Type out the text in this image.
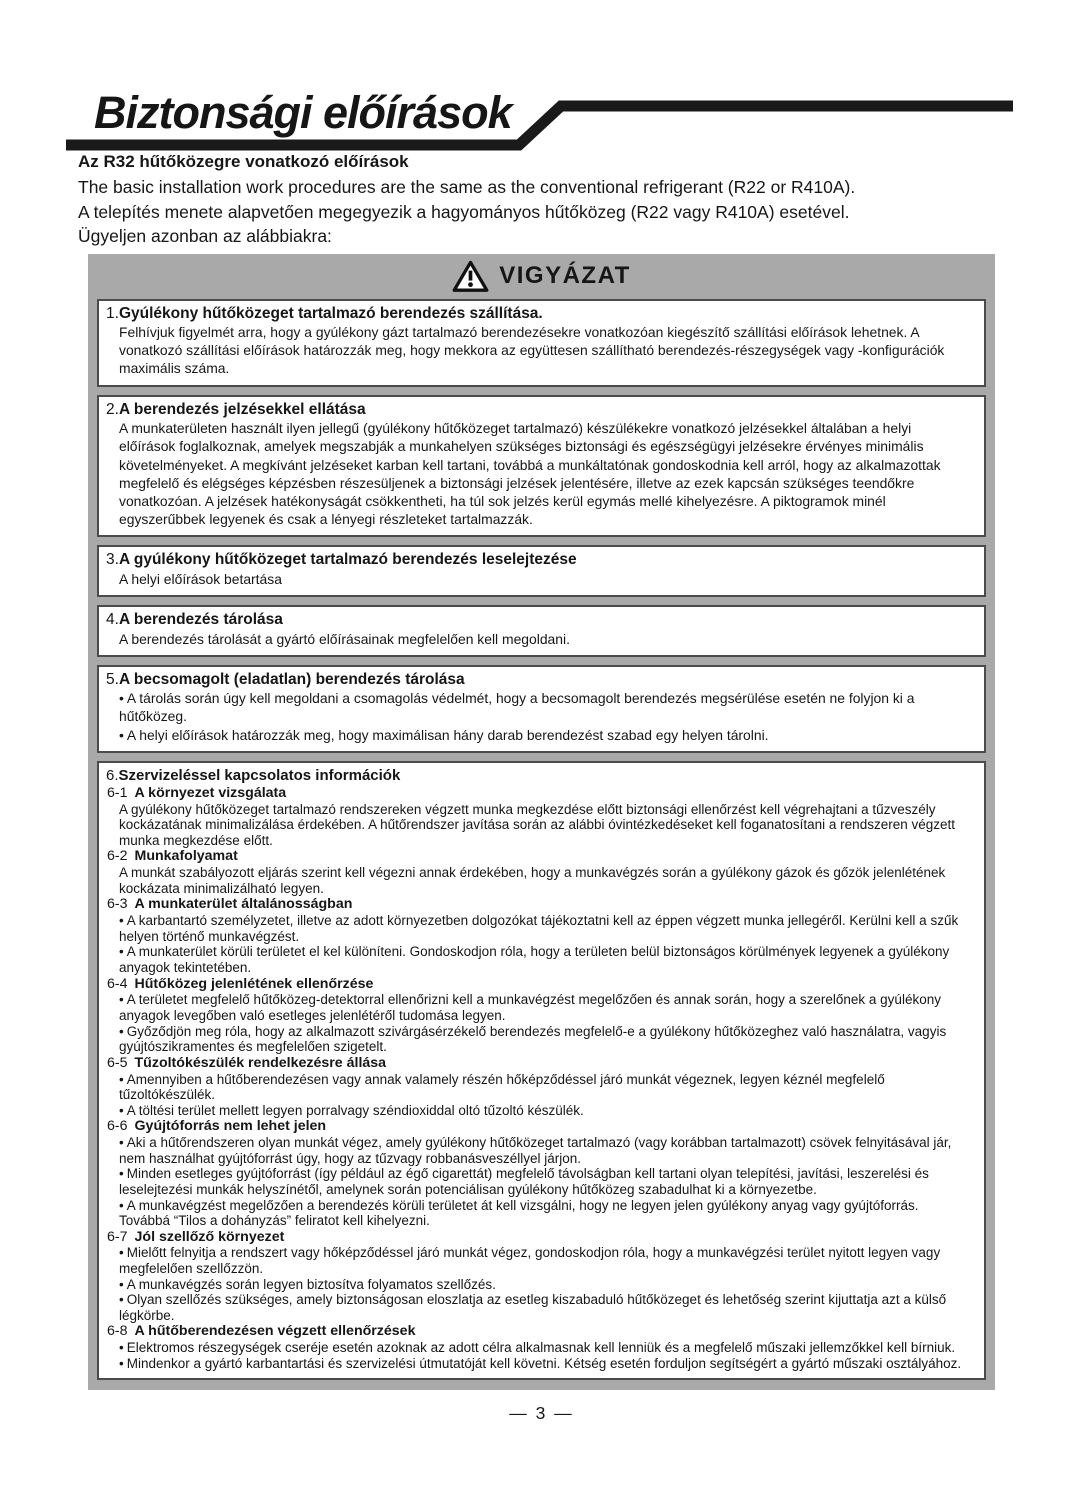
Biztonsági előírások
Az R32 hűtőközegre vonatkozó előírások

The basic installation work procedures are the same as the conventional refrigerant (R22 or R410A).

A telepítés menete alapvetően megegyezik a hagyományos hűtőközeg (R22 vagy R410A) esetével.

Ügyeljen azonban az alábbiakra:

VIGYÁZAT
1.Gyúlékony hűtőközeget tartalmazó berendezés szállítása.
Felhívjuk figyelmét arra, hogy a gyúlékony gázt tartalmazó berendezésekre vonatkozóan kiegészítő szállítási előírások lehetnek. A vonatkozó szállítási előírások határozzák meg, hogy mekkora az együttesen szállítható berendezés-részegységek vagy -konfigurációk maximális száma.
2.A berendezés jelzésekkel ellátása
A munkaterületen használt ilyen jellegű (gyúlékony hűtőközeget tartalmazó) készülékekre vonatkozó jelzésekkel általában a helyi előírások foglalkoznak, amelyek megszabják a munkahelyen szükséges biztonsági és egészségügyi jelzésekre érvényes minimális követelményeket. A megkívánt jelzéseket karban kell tartani, továbbá a munkáltatónak gondoskodnia kell arról, hogy az alkalmazottak megfelelő és elégséges képzésben részesüljenek a biztonsági jelzések jelentésére, illetve az ezek kapcsán szükséges teendőkre vonatkozóan. A jelzések hatékonyságát csökkentheti, ha túl sok jelzés kerül egymás mellé kihelyezésre. A piktogramok minél egyszerűbbek legyenek és csak a lényegi részleteket tartalmazzák.
3.A gyúlékony hűtőközeget tartalmazó berendezés leselejtezése
A helyi előírások betartása
4.A berendezés tárolása
A berendezés tárolását a gyártó előírásainak megfelelően kell megoldani.
5.A becsomagolt (eladatlan) berendezés tárolása
• A tárolás során úgy kell megoldani a csomagolás védelmét, hogy a becsomagolt berendezés megsérülése esetén ne folyjon ki a hűtőközeg.
• A helyi előírások határozzák meg, hogy maximálisan hány darab berendezést szabad egy helyen tárolni.
6.Szervizeléssel kapcsolatos információk
6-1 A környezet vizsgálata
A gyúlékony hűtőközeget tartalmazó rendszereken végzett munka megkezdése előtt biztonsági ellenőrzést kell végrehajtani a tűzveszély kockázatának minimalizálása érdekében. A hűtőrendszer javítása során az alábbi óvintézkedéseket kell foganatosítani a rendszeren végzett munka megkezdése előtt.
6-2 Munkafolyamat
A munkát szabályozott eljárás szerint kell végezni annak érdekében, hogy a munkavégzés során a gyúlékony gázok és gőzök jelenlétének kockázata minimalizálható legyen.
6-3 A munkaterület általánosságban
• A karbantartó személyzetet, illetve az adott környezetben dolgozókat tájékoztatni kell az éppen végzett munka jellegéről. Kerülni kell a szűk helyen történő munkavégzést.
• A munkaterület körüli területet el kel különíteni. Gondoskodjon róla, hogy a területen belül biztonságos körülmények legyenek a gyúlékony anyagok tekintetében.
6-4 Hűtőközeg jelenlétének ellenőrzése
• A területet megfelelő hűtőközeg-detektorral ellenőrizni kell a munkavégzést megelőzően és annak során, hogy a szerelőnek a gyúlékony anyagok levegőben való esetleges jelenlétéről tudomása legyen.
• Győződjön meg róla, hogy az alkalmazott szivárgásérzékelő berendezés megfelelő-e a gyúlékony hűtőközeghez való használatra, vagyis gyújtószikramentes és megfelelően szigetelt.
6-5 Tűzoltókészülék rendelkezésre állása
• Amennyiben a hűtőberendezésen vagy annak valamely részén hőképződéssel járó munkát végeznek, legyen kéznél megfelelő tűzoltókészülék.
• A töltési terület mellett legyen porralvagy széndioxiddal oltó tűzoltó készülék.
6-6 Gyújtóforrás nem lehet jelen
• Aki a hűtőrendszeren olyan munkát végez, amely gyúlékony hűtőközeget tartalmazó (vagy korábban tartalmazott) csövek felnyitásával jár, nem használhat gyújtóforrást úgy, hogy az tűzvagy robbanásveszéllyel járjon.
• Minden esetleges gyújtóforrást (így például az égő cigarettát) megfelelő távolságban kell tartani olyan telepítési, javítási, leszerelési és leselejtezési munkák helyszínétől, amelynek során potenciálisan gyúlékony hűtőközeg szabadulhat ki a környezetbe.
• A munkavégzést megelőzően a berendezés körüli területet át kell vizsgálni, hogy ne legyen jelen gyúlékony anyag vagy gyújtóforrás. Továbbá “Tilos a dohányzás” feliratot kell kihelyezni.
6-7 Jól szellőző környezet
• Mielőtt felnyitja a rendszert vagy hőképződéssel járó munkát végez, gondoskodjon róla, hogy a munkavégzési terület nyitott legyen vagy megfelelően szellőzzön.
• A munkavégzés során legyen biztosítva folyamatos szellőzés.
• Olyan szellőzés szükséges, amely biztonságosan eloszlatja az esetleg kiszabaduló hűtőközeget és lehetőség szerint kijuttatja azt a külső légkörbe.
6-8 A hűtőberendezésen végzett ellenőrzések
• Elektromos részegységek cseréje esetén azoknak az adott célra alkalmasnak kell lenniük és a megfelelő műszaki jellemzőkkel kell bírniuk.
• Mindenkor a gyártó karbantartási és szervizelési útmutatóját kell követni. Kétség esetén forduljon segítségért a gyártó műszaki osztályához.
— 3 —
